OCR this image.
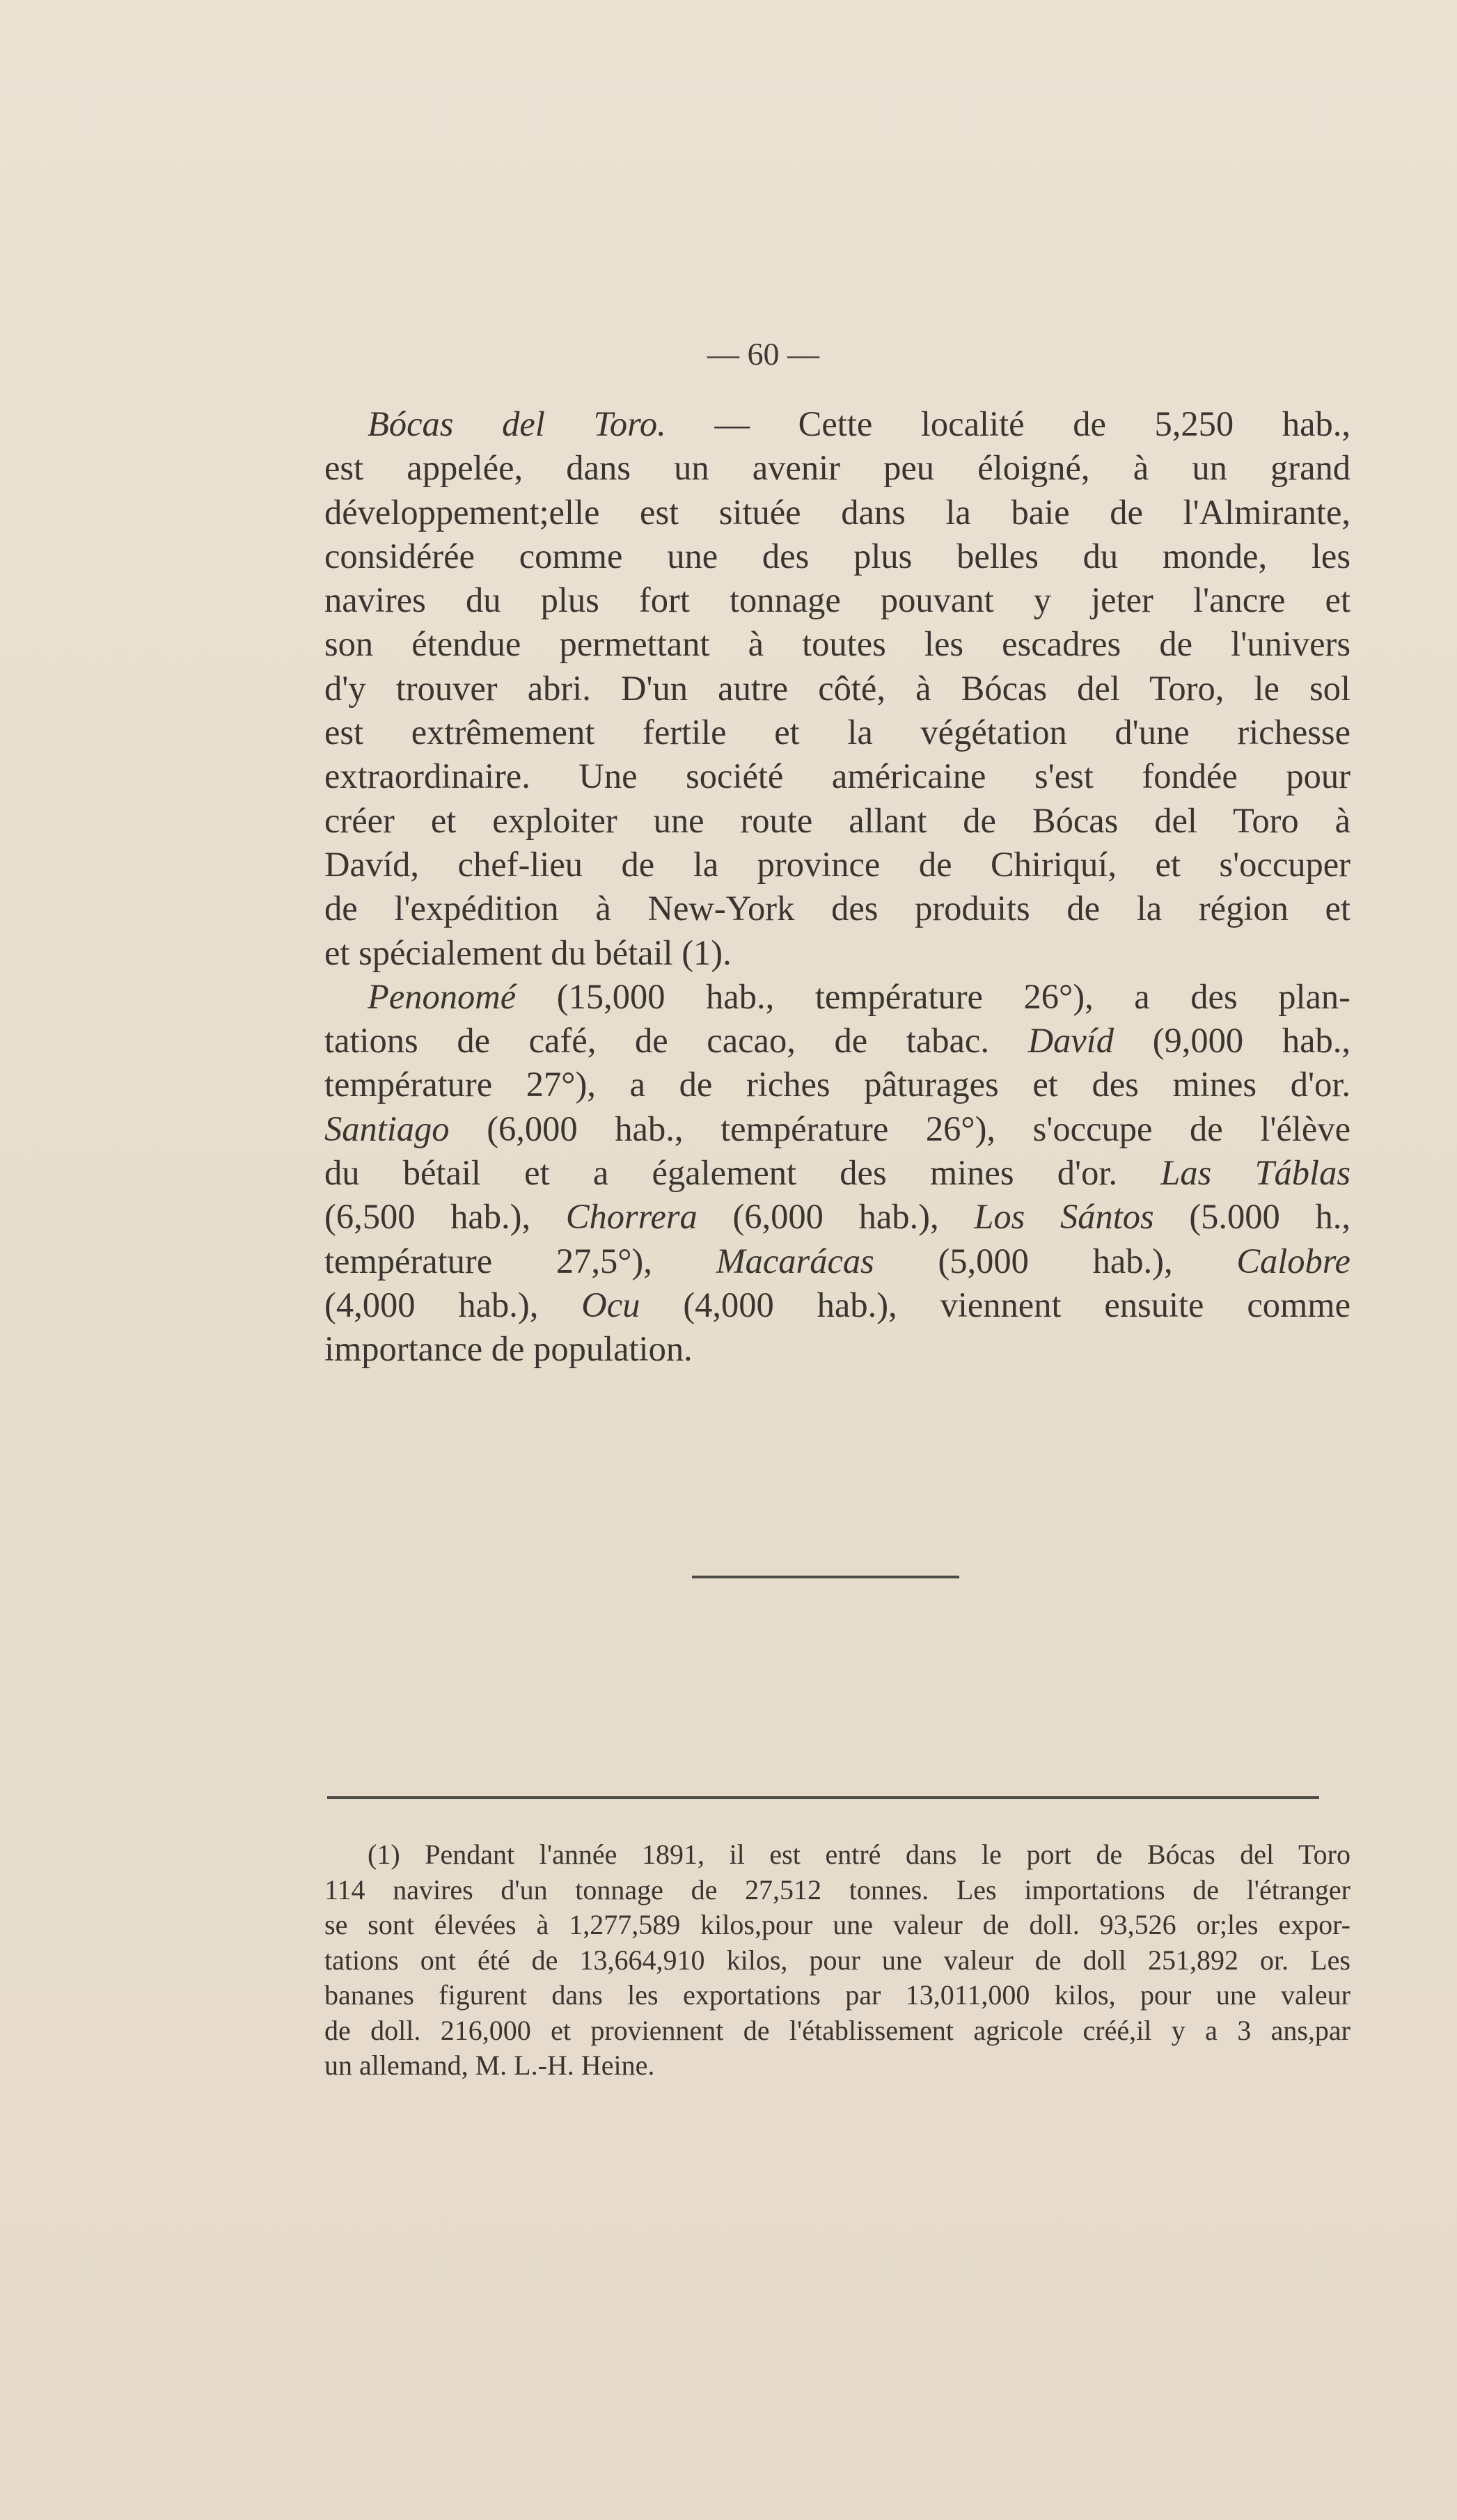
— 60 —

Bócas del Toro. — Cette localité de 5,250 hab.,
est appelée, dans un avenir peu éloigné, à un grand
développement;elle est située dans la baie de l'Almirante,
considérée comme une des plus belles du monde, les
navires du plus fort tonnage pouvant y jeter l'ancre et
son étendue permettant à toutes les escadres de l'univers
d'y trouver abri. D'un autre côté, à Bócas del Toro, le sol
est extrêmement fertile et la végétation d'une richesse
extraordinaire. Une société américaine s'est fondée pour
créer et exploiter une route allant de Bócas del Toro à
Davíd, chef-lieu de la province de Chiriquí, et s'occuper
de l'expédition à New-York des produits de la région et
et spécialement du bétail (1).

Penonomé (15,000 hab., température 26°), a des plan-
tations de café, de cacao, de tabac. Davíd (9,000 hab.,
température 27°), a de riches pâturages et des mines d'or.
Santiago (6,000 hab., température 26°), s'occupe de l'élève
du bétail et a également des mines d'or. Las Táblas
(6,500 hab.), Chorrera (6,000 hab.), Los Sántos (5.000 h.,
température 27,5°), Macarácas (5,000 hab.), Calobre
(4,000 hab.), Ocu (4,000 hab.), viennent ensuite comme
importance de population.

(1) Pendant l'année 1891, il est entré dans le port de Bócas del Toro
114 navires d'un tonnage de 27,512 tonnes. Les importations de l'étranger
se sont élevées à 1,277,589 kilos,pour une valeur de doll. 93,526 or;les expor-
tations ont été de 13,664,910 kilos, pour une valeur de doll 251,892 or. Les
bananes figurent dans les exportations par 13,011,000 kilos, pour une valeur
de doll. 216,000 et proviennent de l'établissement agricole créé,il y a 3 ans,par
un allemand, M. L.-H. Heine.
